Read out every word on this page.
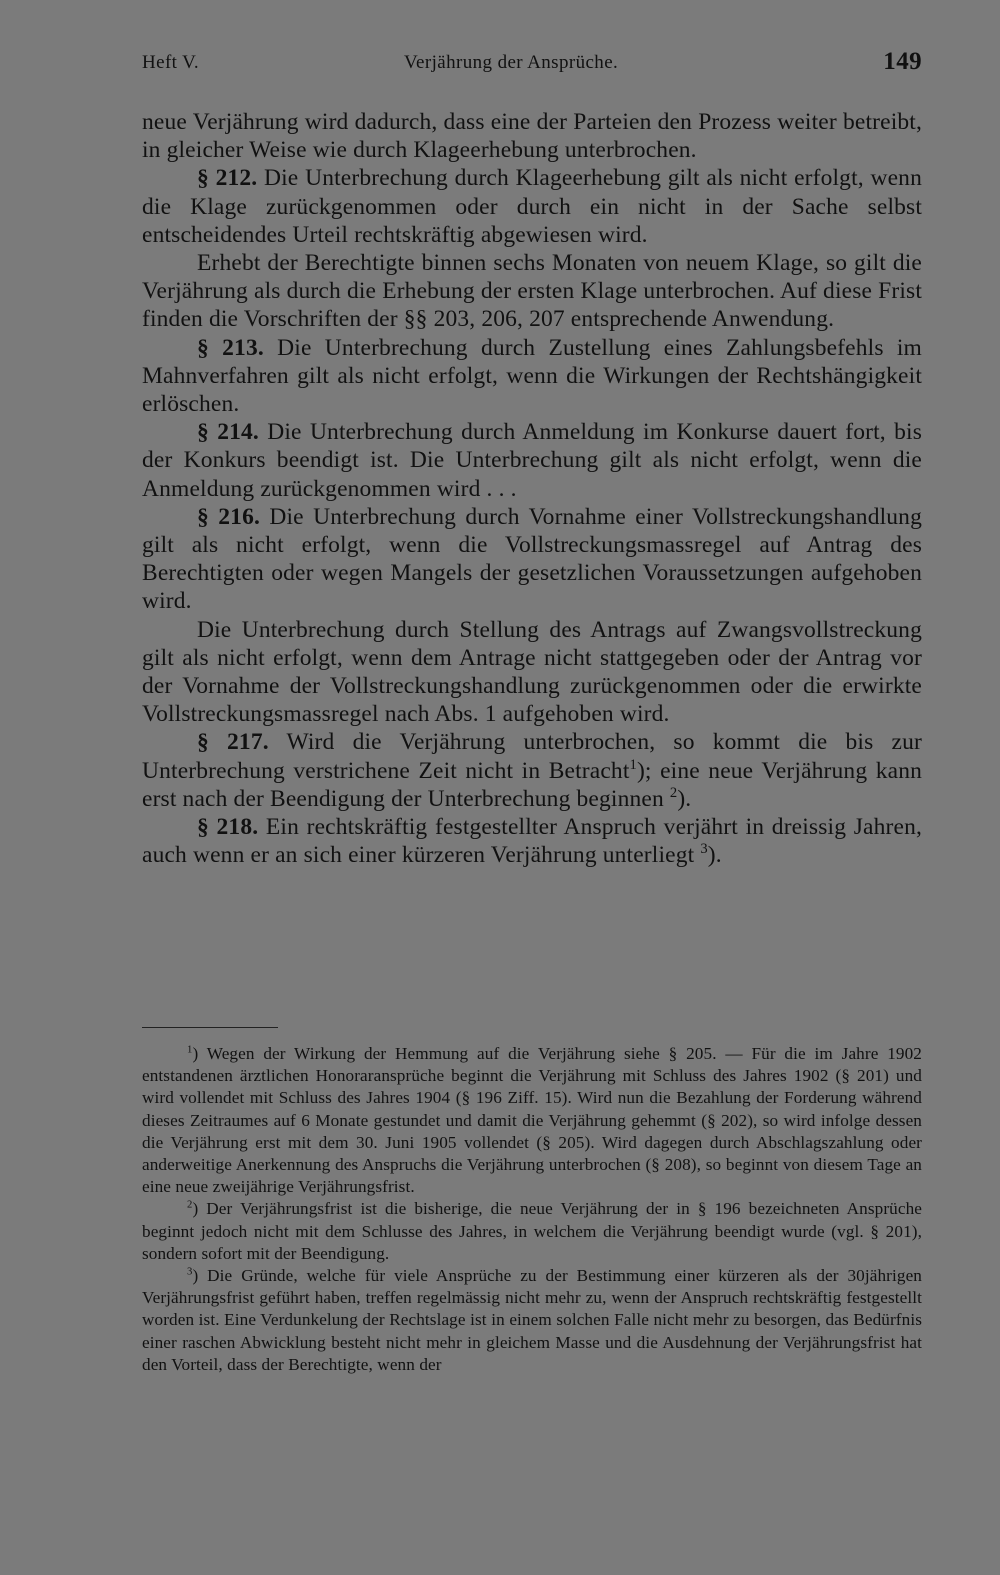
Heft V.	Verjährung der Ansprüche.	149

neue Verjährung wird dadurch, dass eine der Parteien den Prozess weiter betreibt, in gleicher Weise wie durch Klageerhebung unterbrochen.

§ 212. Die Unterbrechung durch Klageerhebung gilt als nicht erfolgt, wenn die Klage zurückgenommen oder durch ein nicht in der Sache selbst entscheidendes Urteil rechtskräftig abgewiesen wird.

Erhebt der Berechtigte binnen sechs Monaten von neuem Klage, so gilt die Verjährung als durch die Erhebung der ersten Klage unterbrochen. Auf diese Frist finden die Vorschriften der §§ 203, 206, 207 entsprechende Anwendung.

§ 213. Die Unterbrechung durch Zustellung eines Zahlungsbefehls im Mahnverfahren gilt als nicht erfolgt, wenn die Wirkungen der Rechtshängigkeit erlöschen.

§ 214. Die Unterbrechung durch Anmeldung im Konkurse dauert fort, bis der Konkurs beendigt ist. Die Unterbrechung gilt als nicht erfolgt, wenn die Anmeldung zurückgenommen wird . . .

§ 216. Die Unterbrechung durch Vornahme einer Vollstreckungshandlung gilt als nicht erfolgt, wenn die Vollstreckungsmassregel auf Antrag des Berechtigten oder wegen Mangels der gesetzlichen Voraussetzungen aufgehoben wird.

Die Unterbrechung durch Stellung des Antrags auf Zwangsvollstreckung gilt als nicht erfolgt, wenn dem Antrage nicht stattgegeben oder der Antrag vor der Vornahme der Vollstreckungshandlung zurückgenommen oder die erwirkte Vollstreckungsmassregel nach Abs. 1 aufgehoben wird.

§ 217. Wird die Verjährung unterbrochen, so kommt die bis zur Unterbrechung verstrichene Zeit nicht in Betracht$^1$); eine neue Verjährung kann erst nach der Beendigung der Unterbrechung beginnen $^2$).

§ 218. Ein rechtskräftig festgestellter Anspruch verjährt in dreissig Jahren, auch wenn er an sich einer kürzeren Verjährung unterliegt $^3$).

$^1$) Wegen der Wirkung der Hemmung auf die Verjährung siehe § 205. — Für die im Jahre 1902 entstandenen ärztlichen Honoraransprüche beginnt die Verjährung mit Schluss des Jahres 1902 (§ 201) und wird vollendet mit Schluss des Jahres 1904 (§ 196 Ziff. 15). Wird nun die Bezahlung der Forderung während dieses Zeitraumes auf 6 Monate gestundet und damit die Verjährung gehemmt (§ 202), so wird infolge dessen die Verjährung erst mit dem 30. Juni 1905 vollendet (§ 205). Wird dagegen durch Abschlagszahlung oder anderweitige Anerkennung des Anspruchs die Verjährung unterbrochen (§ 208), so beginnt von diesem Tage an eine neue zweijährige Verjährungsfrist.

$^2$) Der Verjährungsfrist ist die bisherige, die neue Verjährung der in § 196 bezeichneten Ansprüche beginnt jedoch nicht mit dem Schlusse des Jahres, in welchem die Verjährung beendigt wurde (vgl. § 201), sondern sofort mit der Beendigung.

$^3$) Die Gründe, welche für viele Ansprüche zu der Bestimmung einer kürzeren als der 30jährigen Verjährungsfrist geführt haben, treffen regelmässig nicht mehr zu, wenn der Anspruch rechtskräftig festgestellt worden ist. Eine Verdunkelung der Rechtslage ist in einem solchen Falle nicht mehr zu besorgen, das Bedürfnis einer raschen Abwicklung besteht nicht mehr in gleichem Masse und die Ausdehnung der Verjährungsfrist hat den Vorteil, dass der Berechtigte, wenn der
